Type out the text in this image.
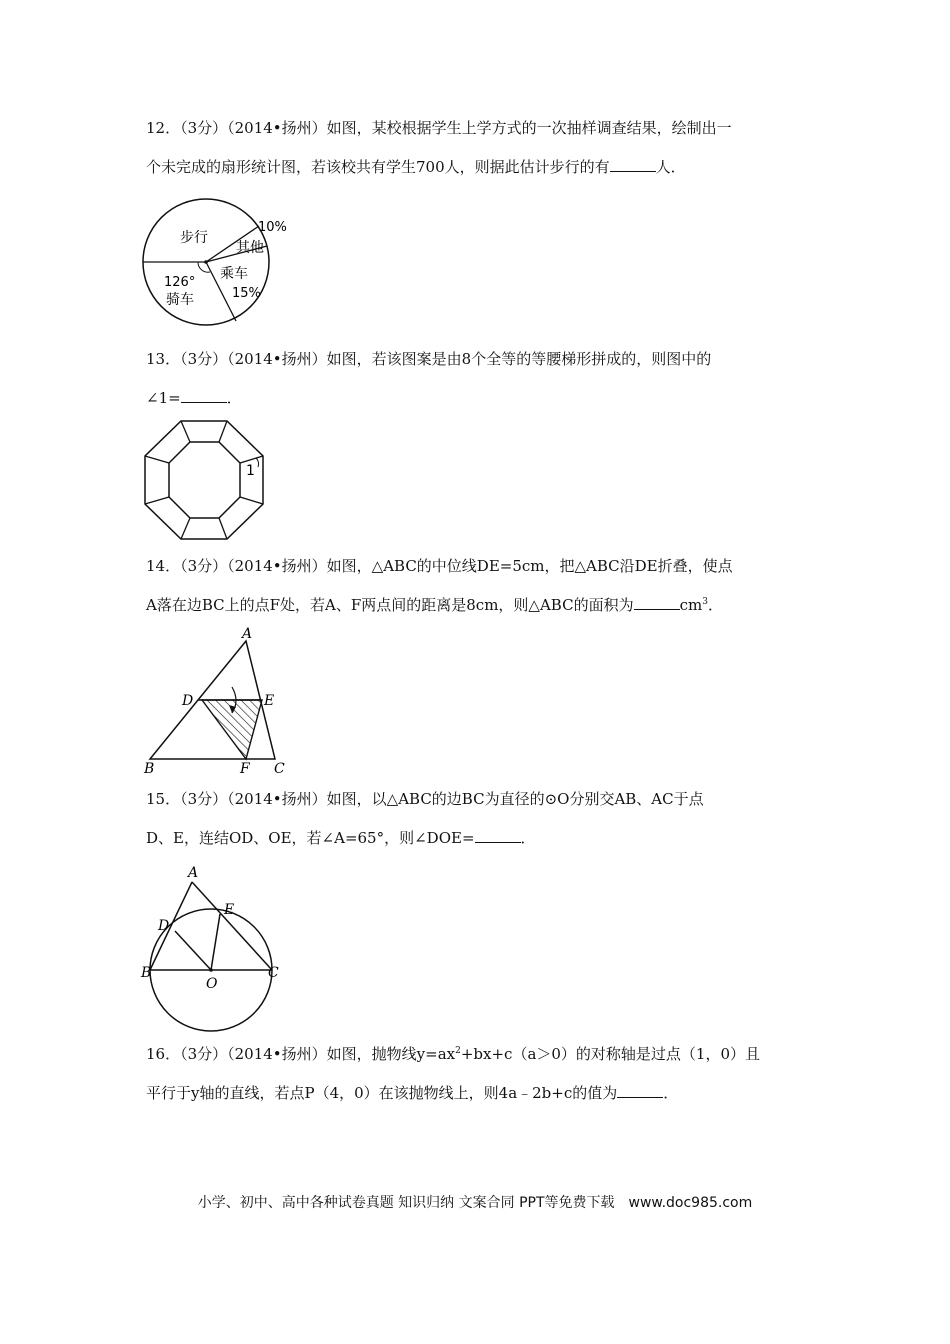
12．（3分）（2014•扬州）如图，某校根据学生上学方式的一次抽样调查结果，绘制出一
个未完成的扇形统计图，若该校共有学生700人，则据此估计步行的有	人．
步行
其他
10%
乘车
15%
126°
骑车
13．（3分）（2014•扬州）如图，若该图案是由8个全等的等腰梯形拼成的，则图中的
∠1=	．
1
14．（3分）（2014•扬州）如图，△ABC的中位线DE=5cm，把△ABC沿DE折叠，使点
A落在边BC上的点F处，若A、F两点间的距离是8cm，则△ABC的面积为	$cm^3$．
A
D	E
B	F C
15．（3分）（2014•扬州）如图，以△ABC的边BC为直径的⊙O分别交AB、AC于点
D、E，连结OD、OE，若∠A=65°，则∠DOE=	．
A
D
E
B
O
C
16．（3分）（2014•扬州）如图，抛物线$y=ax^2+bx+c(a>0)$的对称轴是过点（1，0）且
平行于y轴的直线，若点P（4，0）在该抛物线上，则4a﹣2b+c的值为	．
小学、初中、高中各种试卷真题 知识归纳 文案合同 PPT等免费下载　www.doc985.com
